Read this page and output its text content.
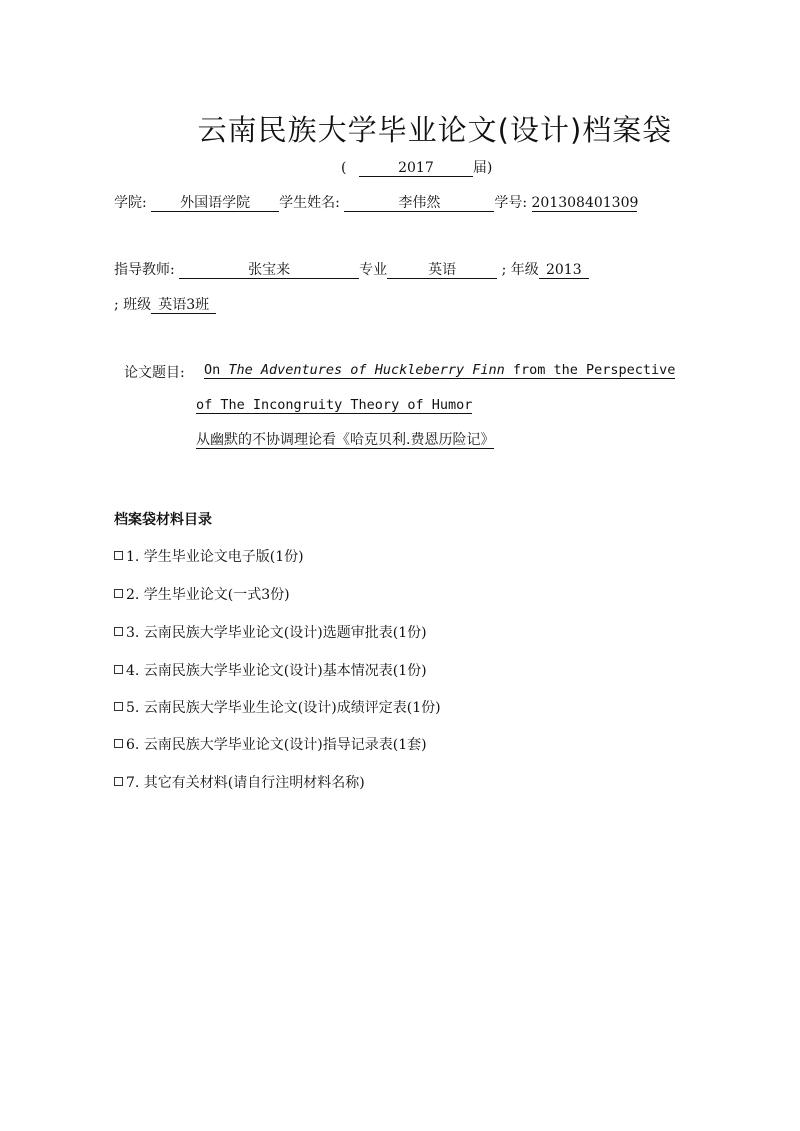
云南民族大学毕业论文(设计)档案袋
(	2017	届)
学院: 外国语学院 学生姓名:	李伟然	学号: 201308401309
指导教师:	张宝来	专业	英语	; 年级 2013
; 班级 英语3班
论文题目: On The Adventures of Huckleberry Finn from the Perspective
of The Incongruity Theory of Humor
从幽默的不协调理论看《哈克贝利.费恩历险记》
档案袋材料目录
1. 学生毕业论文电子版(1份)
2. 学生毕业论文(一式3份)
3. 云南民族大学毕业论文(设计)选题审批表(1份)
4. 云南民族大学毕业论文(设计)基本情况表(1份)
5. 云南民族大学毕业生论文(设计)成绩评定表(1份)
6. 云南民族大学毕业论文(设计)指导记录表(1套)
7. 其它有关材料(请自行注明材料名称)
